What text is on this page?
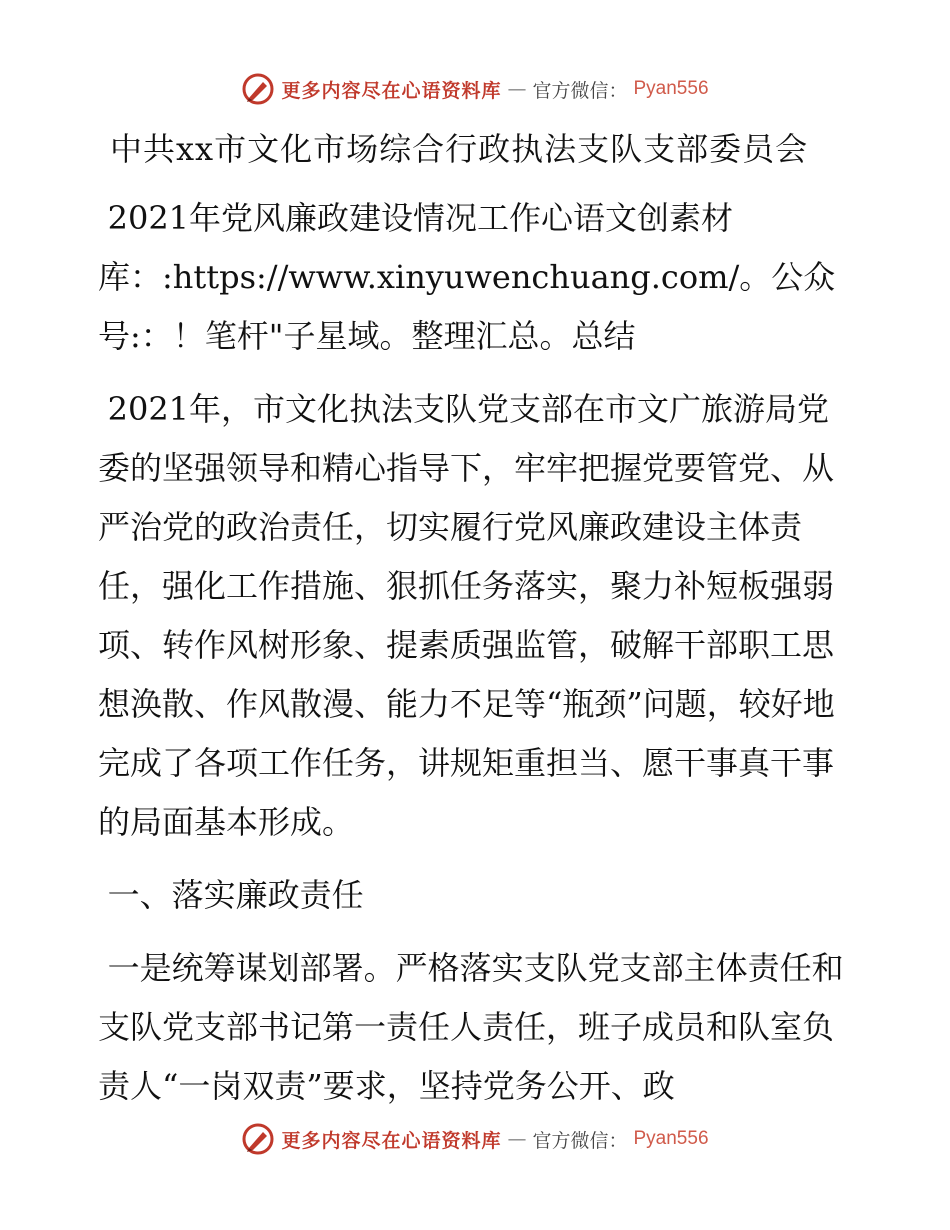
更多内容尽在心语资料库 — 官方微信： Pyan556

中共xx市文化市场综合行政执法支队支部委员会

2021年党风廉政建设情况工作心语文创素材库：:https://www.xinyuwenchuang.com/。公众号:：！笔杆"子星域。整理汇总。总结

2021年，市文化执法支队党支部在市文广旅游局党委的坚强领导和精心指导下，牢牢把握党要管党、从严治党的政治责任，切实履行党风廉政建设主体责任，强化工作措施、狠抓任务落实，聚力补短板强弱项、转作风树形象、提素质强监管，破解干部职工思想涣散、作风散漫、能力不足等“瓶颈”问题，较好地完成了各项工作任务，讲规矩重担当、愿干事真干事的局面基本形成。

一、落实廉政责任

一是统筹谋划部署。严格落实支队党支部主体责任和支队党支部书记第一责任人责任，班子成员和队室负责人“一岗双责”要求，坚持党务公开、政

更多内容尽在心语资料库 — 官方微信： Pyan556
